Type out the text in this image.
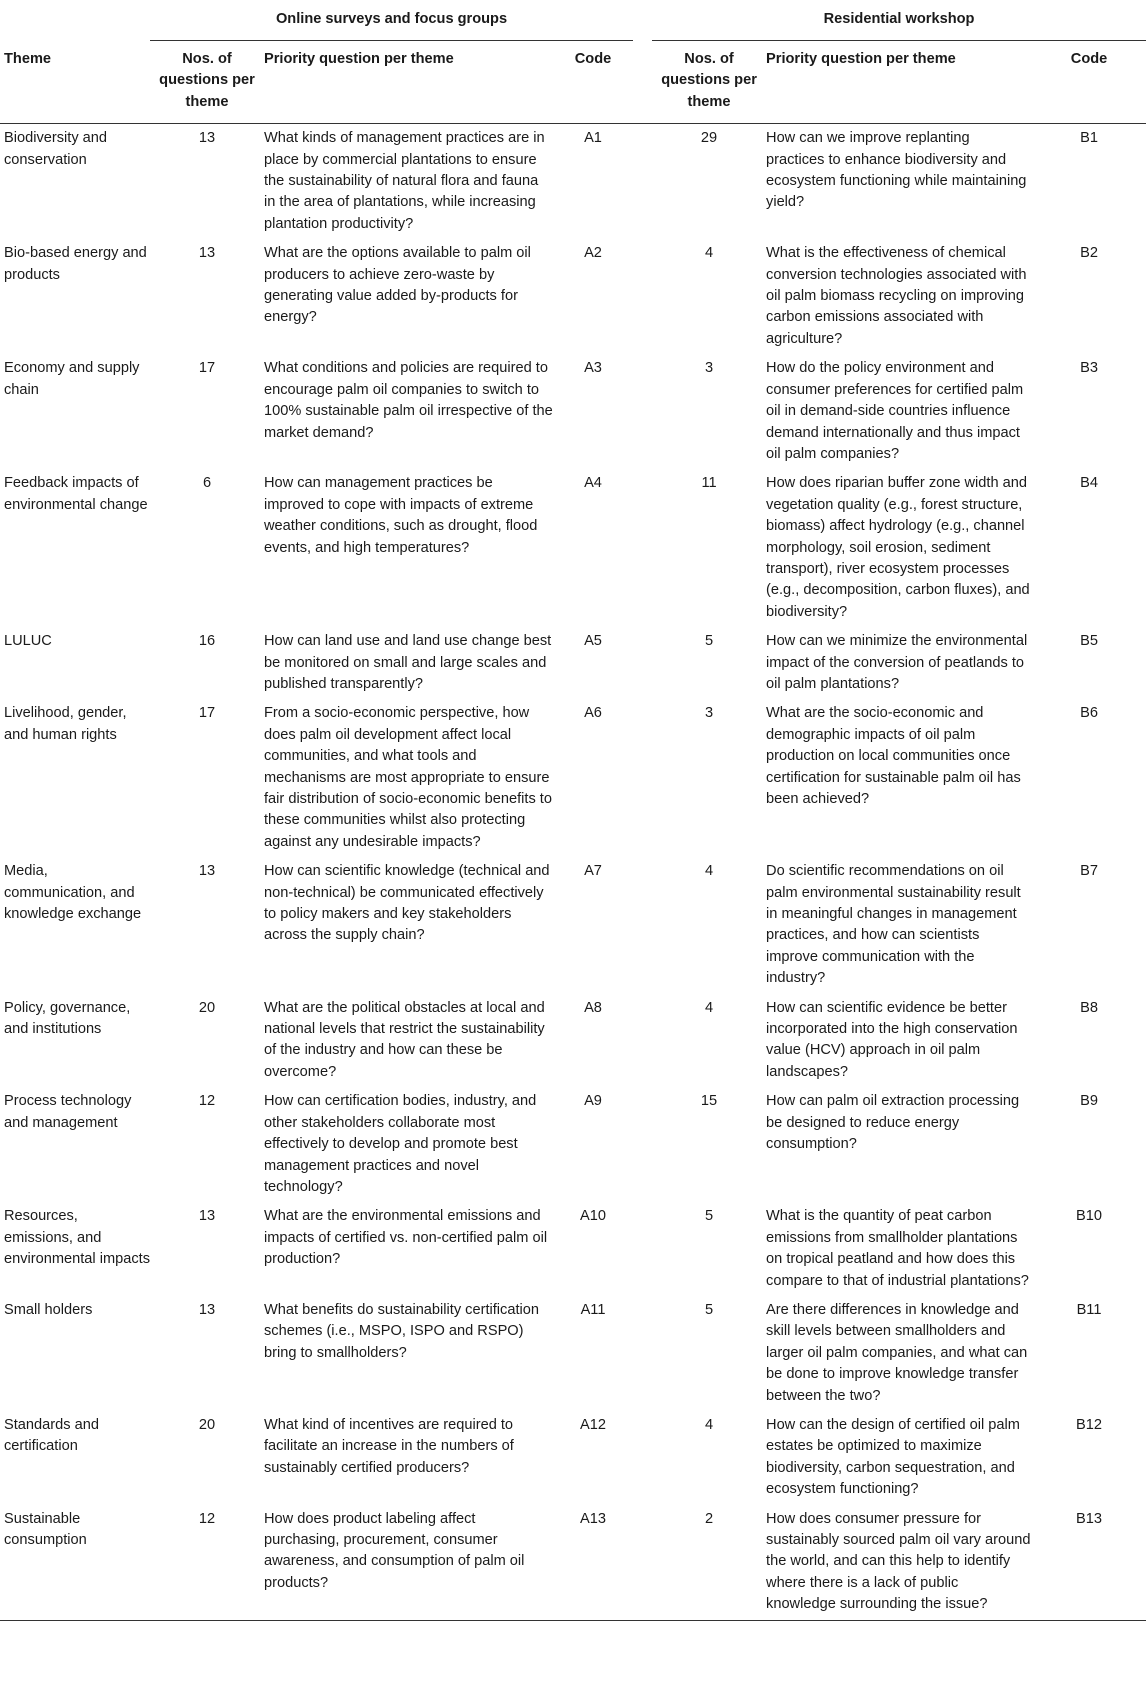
	Online surveys and focus groups				Residential workshop		
Theme	Nos. of questions per theme	Priority question per theme	Code		Nos. of questions per theme	Priority question per theme	Code
Biodiversity and conservation	13	What kinds of management practices are in place by commercial plantations to ensure the sustainability of natural flora and fauna in the area of plantations, while increasing plantation productivity?	A1		29	How can we improve replanting practices to enhance biodiversity and ecosystem functioning while maintaining yield?	B1
Bio-based energy and products	13	What are the options available to palm oil producers to achieve zero-waste by generating value added by-products for energy?	A2		4	What is the effectiveness of chemical conversion technologies associated with oil palm biomass recycling on improving carbon emissions associated with agriculture?	B2
Economy and supply chain	17	What conditions and policies are required to encourage palm oil companies to switch to 100% sustainable palm oil irrespective of the market demand?	A3		3	How do the policy environment and consumer preferences for certified palm oil in demand-side countries influence demand internationally and thus impact oil palm companies?	B3
Feedback impacts of environmental change	6	How can management practices be improved to cope with impacts of extreme weather conditions, such as drought, flood events, and high temperatures?	A4		11	How does riparian buffer zone width and vegetation quality (e.g., forest structure, biomass) affect hydrology (e.g., channel morphology, soil erosion, sediment transport), river ecosystem processes (e.g., decomposition, carbon fluxes), and biodiversity?	B4
LULUC	16	How can land use and land use change best be monitored on small and large scales and published transparently?	A5		5	How can we minimize the environmental impact of the conversion of peatlands to oil palm plantations?	B5
Livelihood, gender, and human rights	17	From a socio-economic perspective, how does palm oil development affect local communities, and what tools and mechanisms are most appropriate to ensure fair distribution of socio-economic benefits to these communities whilst also protecting against any undesirable impacts?	A6		3	What are the socio-economic and demographic impacts of oil palm production on local communities once certification for sustainable palm oil has been achieved?	B6
Media, communication, and knowledge exchange	13	How can scientific knowledge (technical and non-technical) be communicated effectively to policy makers and key stakeholders across the supply chain?	A7		4	Do scientific recommendations on oil palm environmental sustainability result in meaningful changes in management practices, and how can scientists improve communication with the industry?	B7
Policy, governance, and institutions	20	What are the political obstacles at local and national levels that restrict the sustainability of the industry and how can these be overcome?	A8		4	How can scientific evidence be better incorporated into the high conservation value (HCV) approach in oil palm landscapes?	B8
Process technology and management	12	How can certification bodies, industry, and other stakeholders collaborate most effectively to develop and promote best management practices and novel technology?	A9		15	How can palm oil extraction processing be designed to reduce energy consumption?	B9
Resources, emissions, and environmental impacts	13	What are the environmental emissions and impacts of certified vs. non-certified palm oil production?	A10		5	What is the quantity of peat carbon emissions from smallholder plantations on tropical peatland and how does this compare to that of industrial plantations?	B10
Small holders	13	What benefits do sustainability certification schemes (i.e., MSPO, ISPO and RSPO) bring to smallholders?	A11		5	Are there differences in knowledge and skill levels between smallholders and larger oil palm companies, and what can be done to improve knowledge transfer between the two?	B11
Standards and certification	20	What kind of incentives are required to facilitate an increase in the numbers of sustainably certified producers?	A12		4	How can the design of certified oil palm estates be optimized to maximize biodiversity, carbon sequestration, and ecosystem functioning?	B12
Sustainable consumption	12	How does product labeling affect purchasing, procurement, consumer awareness, and consumption of palm oil products?	A13		2	How does consumer pressure for sustainably sourced palm oil vary around the world, and can this help to identify where there is a lack of public knowledge surrounding the issue?	B13
